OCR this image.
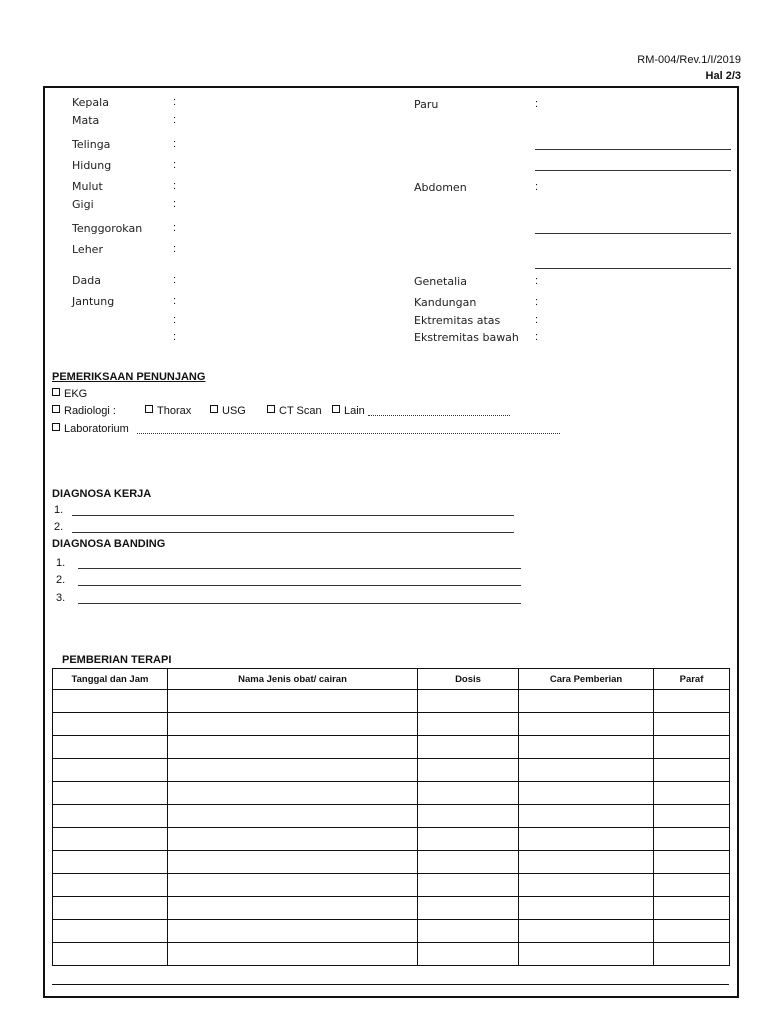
RM-004/Rev.1/I/2019
Hal 2/3
Kepala	:
Mata	:
Telinga	:
Hidung	:
Mulut	:
Gigi	:
Tenggorokan	:
Leher	:
Dada	:
Jantung	:
:
:
Paru	:
Abdomen	:
Genetalia	:
Kandungan	:
Ektremitas atas	:
Ekstremitas bawah :
PEMERIKSAAN PENUNJANG
EKG
Radiologi :	Thorax	USG	CT Scan	Lain
Laboratorium
DIAGNOSA KERJA
1.
2.
DIAGNOSA BANDING
1.
2.
3.
PEMBERIAN TERAPI
Tanggal dan Jam	Nama Jenis obat/ cairan	Dosis	Cara Pemberian	Paraf
